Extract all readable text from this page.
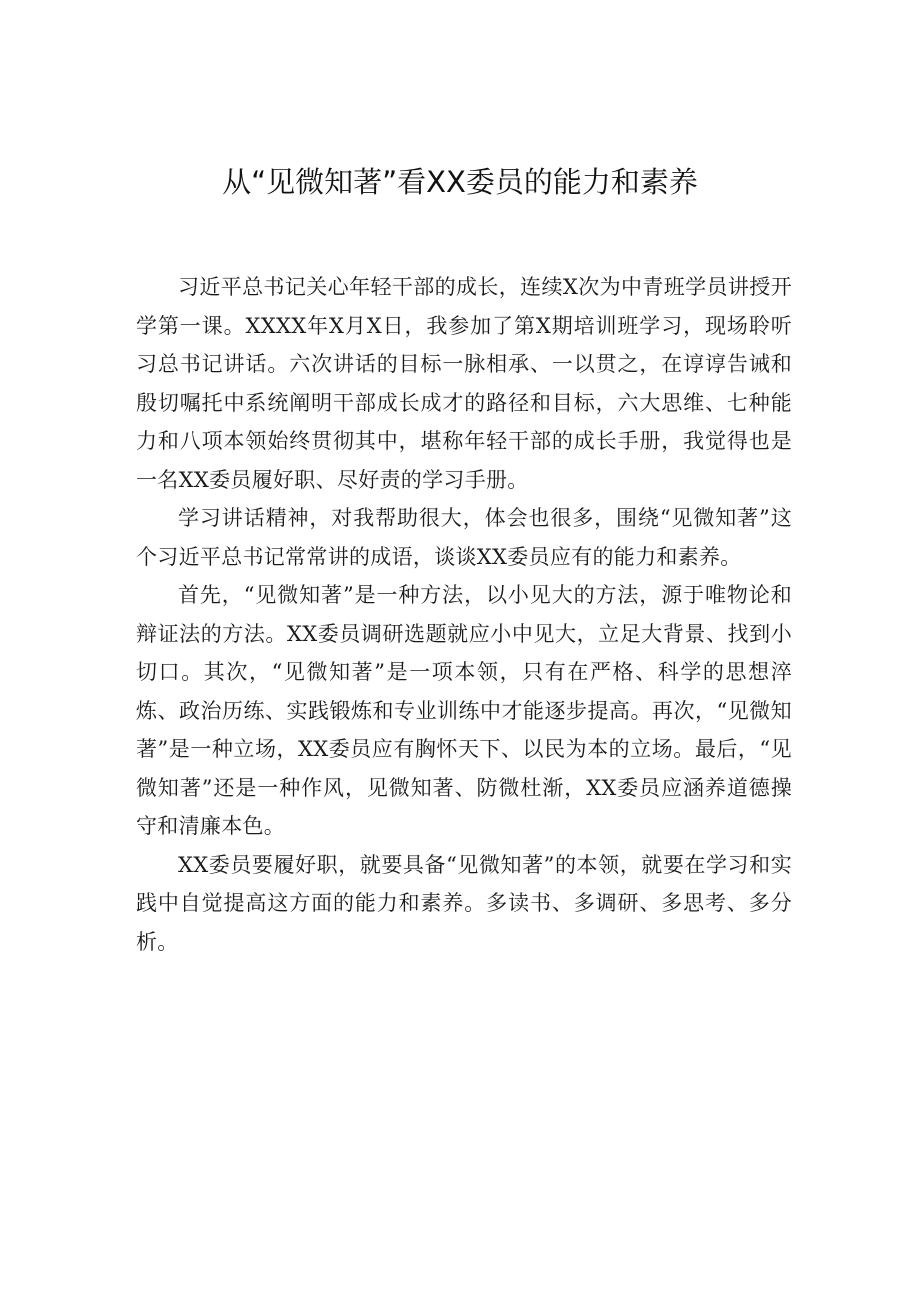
从“见微知著”看XX委员的能力和素养

习近平总书记关心年轻干部的成长，连续X次为中青班学员讲授开学第一课。XXXX年X月X日，我参加了第X期培训班学习，现场聆听习总书记讲话。六次讲话的目标一脉相承、一以贯之，在谆谆告诫和殷切嘱托中系统阐明干部成长成才的路径和目标，六大思维、七种能力和八项本领始终贯彻其中，堪称年轻干部的成长手册，我觉得也是一名XX委员履好职、尽好责的学习手册。

学习讲话精神，对我帮助很大，体会也很多，围绕“见微知著”这个习近平总书记常常讲的成语，谈谈XX委员应有的能力和素养。

首先，“见微知著”是一种方法，以小见大的方法，源于唯物论和辩证法的方法。XX委员调研选题就应小中见大，立足大背景、找到小切口。其次，“见微知著”是一项本领，只有在严格、科学的思想淬炼、政治历练、实践锻炼和专业训练中才能逐步提高。再次，“见微知著”是一种立场，XX委员应有胸怀天下、以民为本的立场。最后，“见微知著”还是一种作风，见微知著、防微杜渐，XX委员应涵养道德操守和清廉本色。

XX委员要履好职，就要具备“见微知著”的本领，就要在学习和实践中自觉提高这方面的能力和素养。多读书、多调研、多思考、多分析。
